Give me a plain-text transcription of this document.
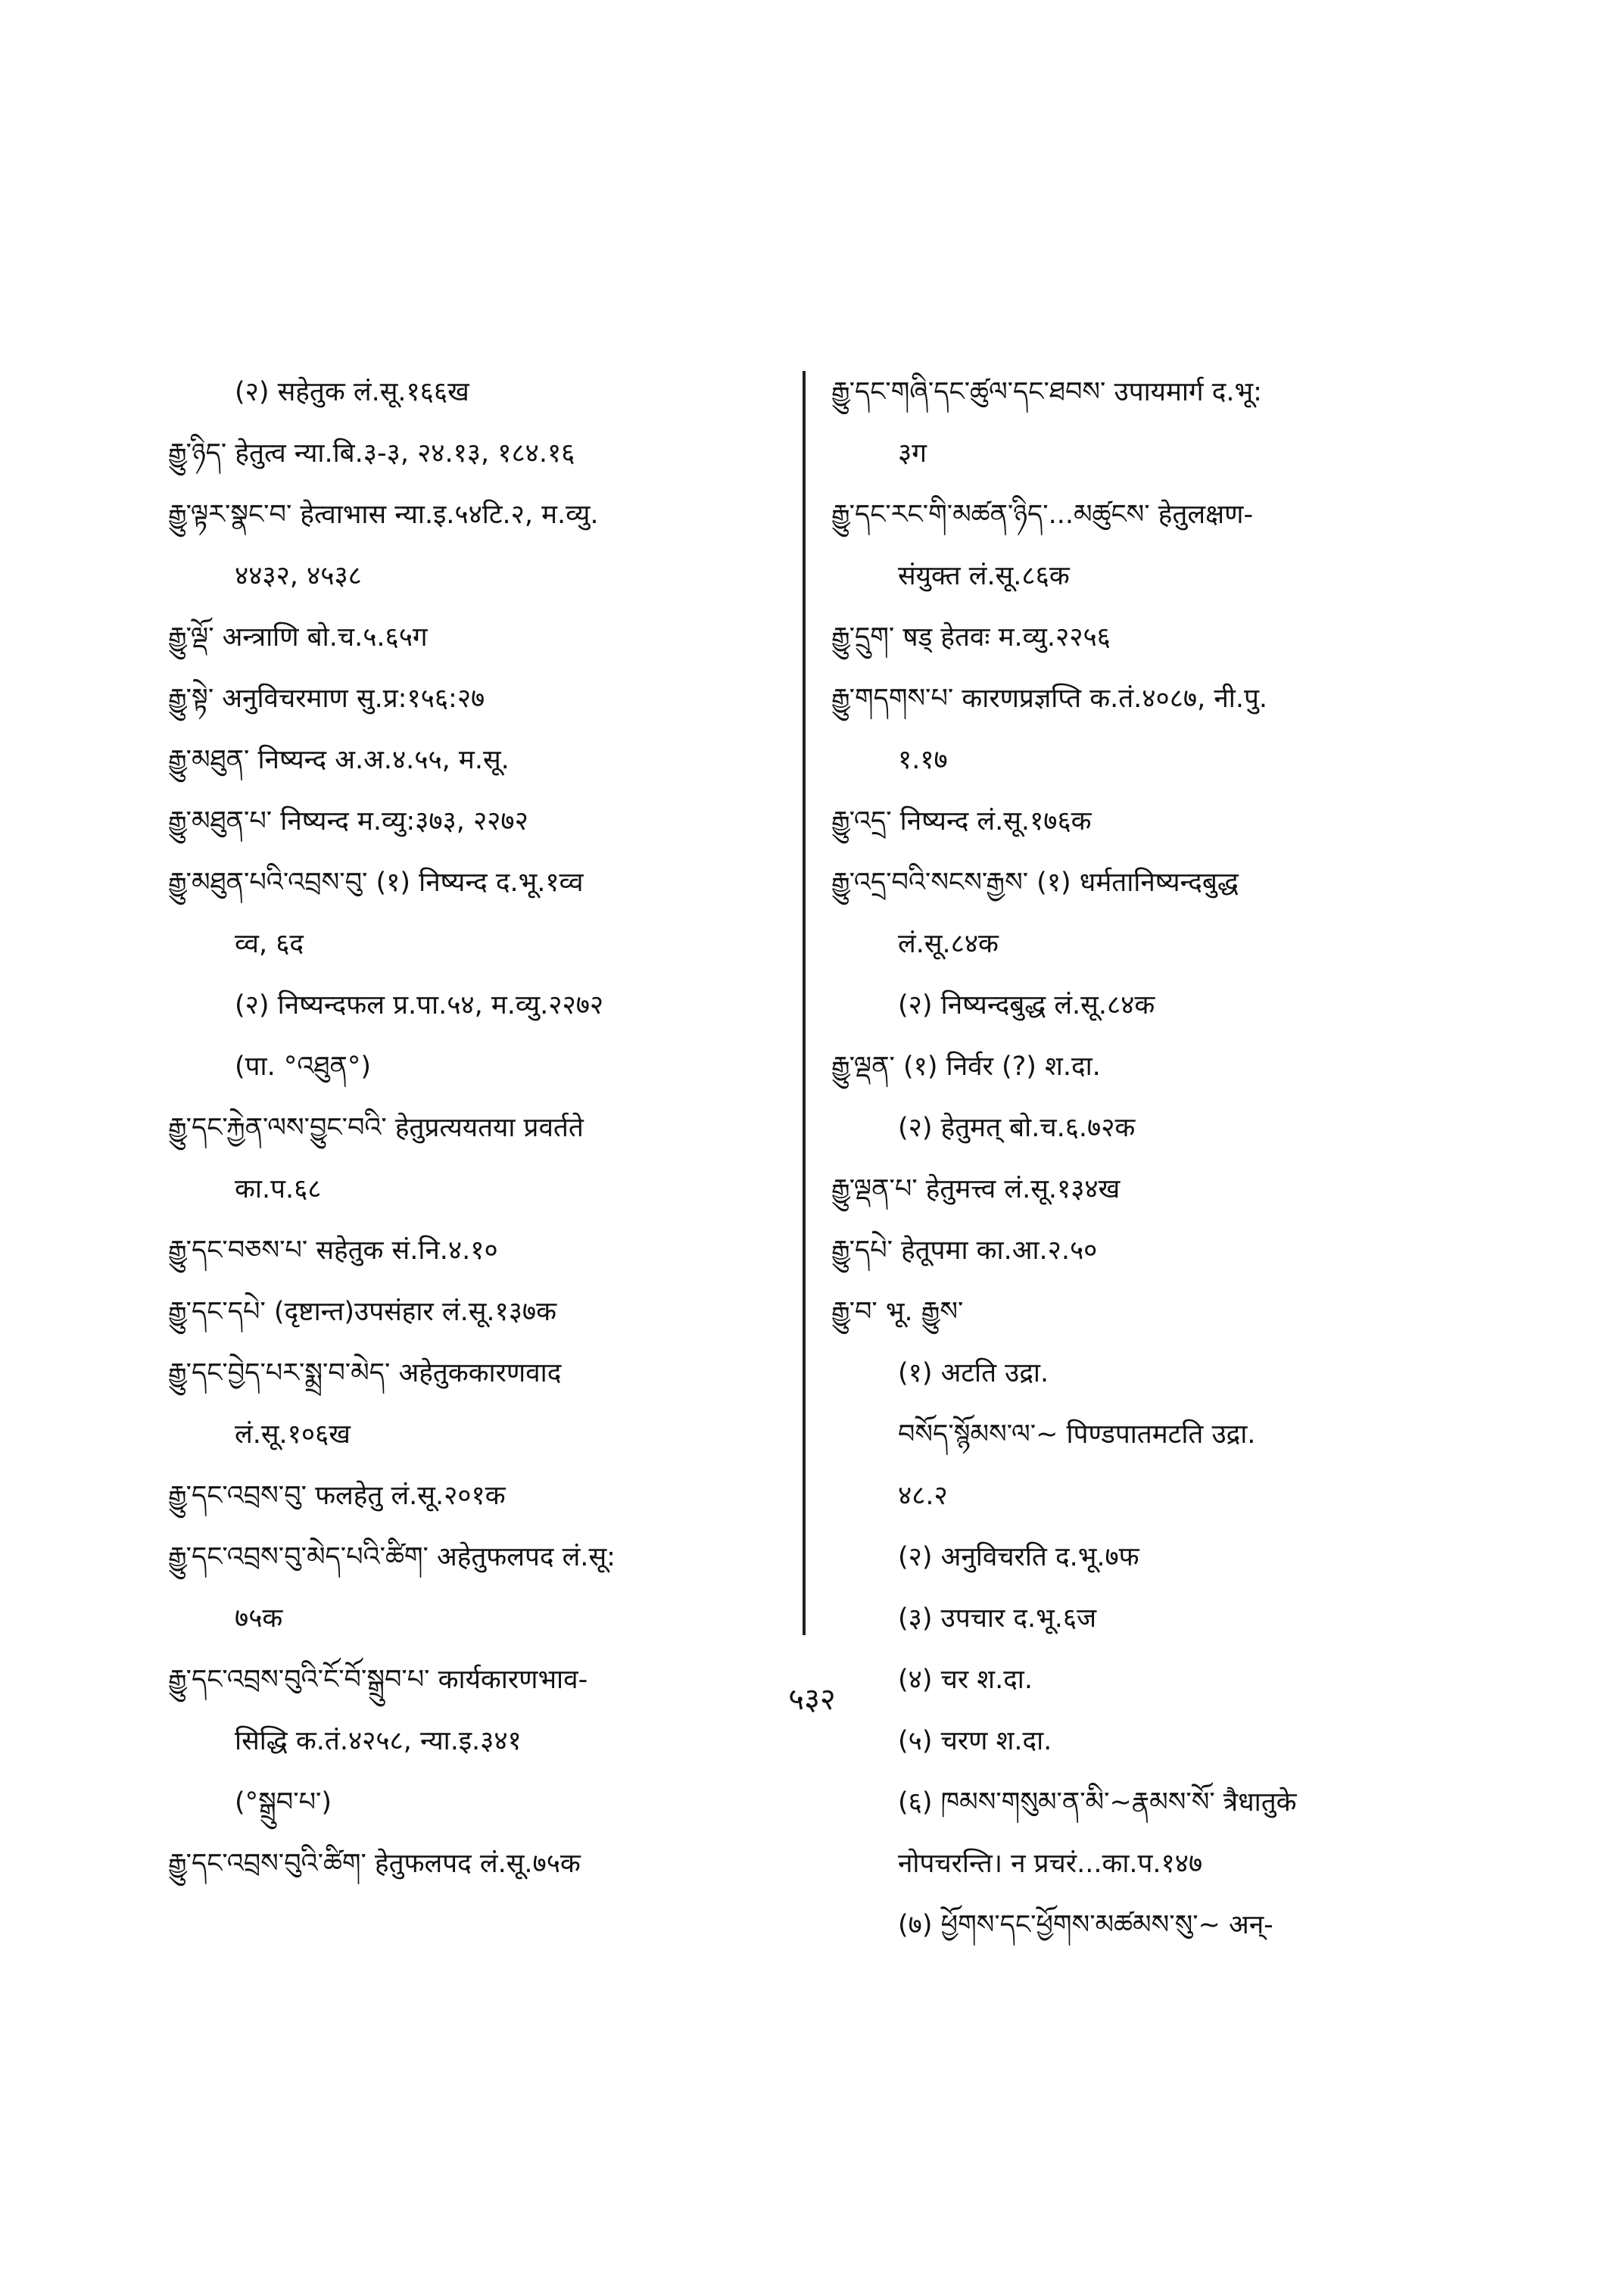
(२) सहेतुक लं.सू.१६६ख
རྒྱུ་ཉིད་ हेतुत्व न्या.बि.३-३, २४.१३, १८४.१६
རྒྱུ་ལྟར་སྣང་བ་ हेत्वाभास न्या.इ.५४टि.२, म.व्यु.
४४३२, ४५३८
རྒྱུ་ལྡོ་ अन्त्राणि बो.च.५.६५ग
རྒྱུ་སྟེ་ अनुविचरमाण सु.प्र:१५६:२७
རྒྱུ་མཐུན་ निष्यन्द अ.अ.४.५५, म.सू.
རྒྱུ་མཐུན་པ་ निष्यन्द म.व्यु:३७३, २२७२
རྒྱུ་མཐུན་པའི་འབྲས་བུ་ (१) निष्यन्द द.भू.१व्व
व्व, ६द
(२) निष्यन्दफल प्र.पा.५४, म.व्यु.२२७२
(पा. °འཐུན°)
རྒྱུ་དང་རྐྱེན་ལས་བྱུང་བའི་ हेतुप्रत्ययतया प्रवर्तते
का.प.६८
རྒྱུ་དང་བཅས་པ་ सहेतुक सं.नि.४.१०
རྒྱུ་དང་དཔེ་ (दृष्टान्त)उपसंहार लं.सू.१३७क
རྒྱུ་དང་བྱེད་པར་སྨྲ་བ་མེད་ अहेतुककारणवाद
लं.सू.१०६ख
རྒྱུ་དང་འབྲས་བུ་ फलहेतु लं.सू.२०१क
རྒྱུ་དང་འབྲས་བུ་མེད་པའི་ཚིག་ अहेतुफलपद लं.सू:
७५क
རྒྱུ་དང་འབྲས་བུའི་ངོ་བོ་སྒྲུབ་པ་ कार्यकारणभाव-
सिद्धि क.तं.४२५८, न्या.इ.३४१
(°སྒྲུབ་པ་)
རྒྱུ་དང་འབྲས་བུའི་ཚིག་ हेतुफलपद लं.सू.७५क
རྒྱུ་དང་གཞི་དང་ཚུལ་དང་ཐབས་ उपायमार्ग द.भू:
३ग
རྒྱུ་དང་རང་གི་མཚན་ཉིད་...མཚུངས་ हेतुलक्षण-
संयुक्त लं.सू.८६क
རྒྱུ་དྲུག་ षड् हेतवः म.व्यु.२२५६
རྒྱུ་གདགས་པ་ कारणप्रज्ञप्ति क.तं.४०८७, नी.पु.
१.१७
རྒྱུ་འདྲ་ निष्यन्द लं.सू.१७६क
རྒྱུ་འདྲ་བའི་སངས་རྒྱས་ (१) धर्मतानिष्यन्दबुद्ध
लं.सू.८४क
(२) निष्यन्दबुद्ध लं.सू.८४क
རྒྱུ་ལྡན་ (१) निर्वर (?) श.दा.
(२) हेतुमत् बो.च.६.७२क
རྒྱུ་ལྡན་པ་ हेतुमत्त्व लं.सू.१३४ख
རྒྱུ་དཔེ་ हेतूपमा का.आ.२.५०
རྒྱུ་བ་ भू. རྒྱུས་
(१) अटति उद्रा.
བསོད་སྙོམས་ལ་~ पिण्डपातमटति उद्रा.
४८.२
(२) अनुविचरति द.भू.७फ
(३) उपचार द.भू.६ज
(४) चर श.दा.
(५) चरण श.दा.
(६) ཁམས་གསུམ་ན་མི་~རྣམས་སོ་ त्रैधातुके
नोपचरन्ति। न प्रचरं...का.प.१४७
(७) ཕྱོགས་དང་ཕྱོགས་མཚམས་སུ་~ अन्-
५३२
